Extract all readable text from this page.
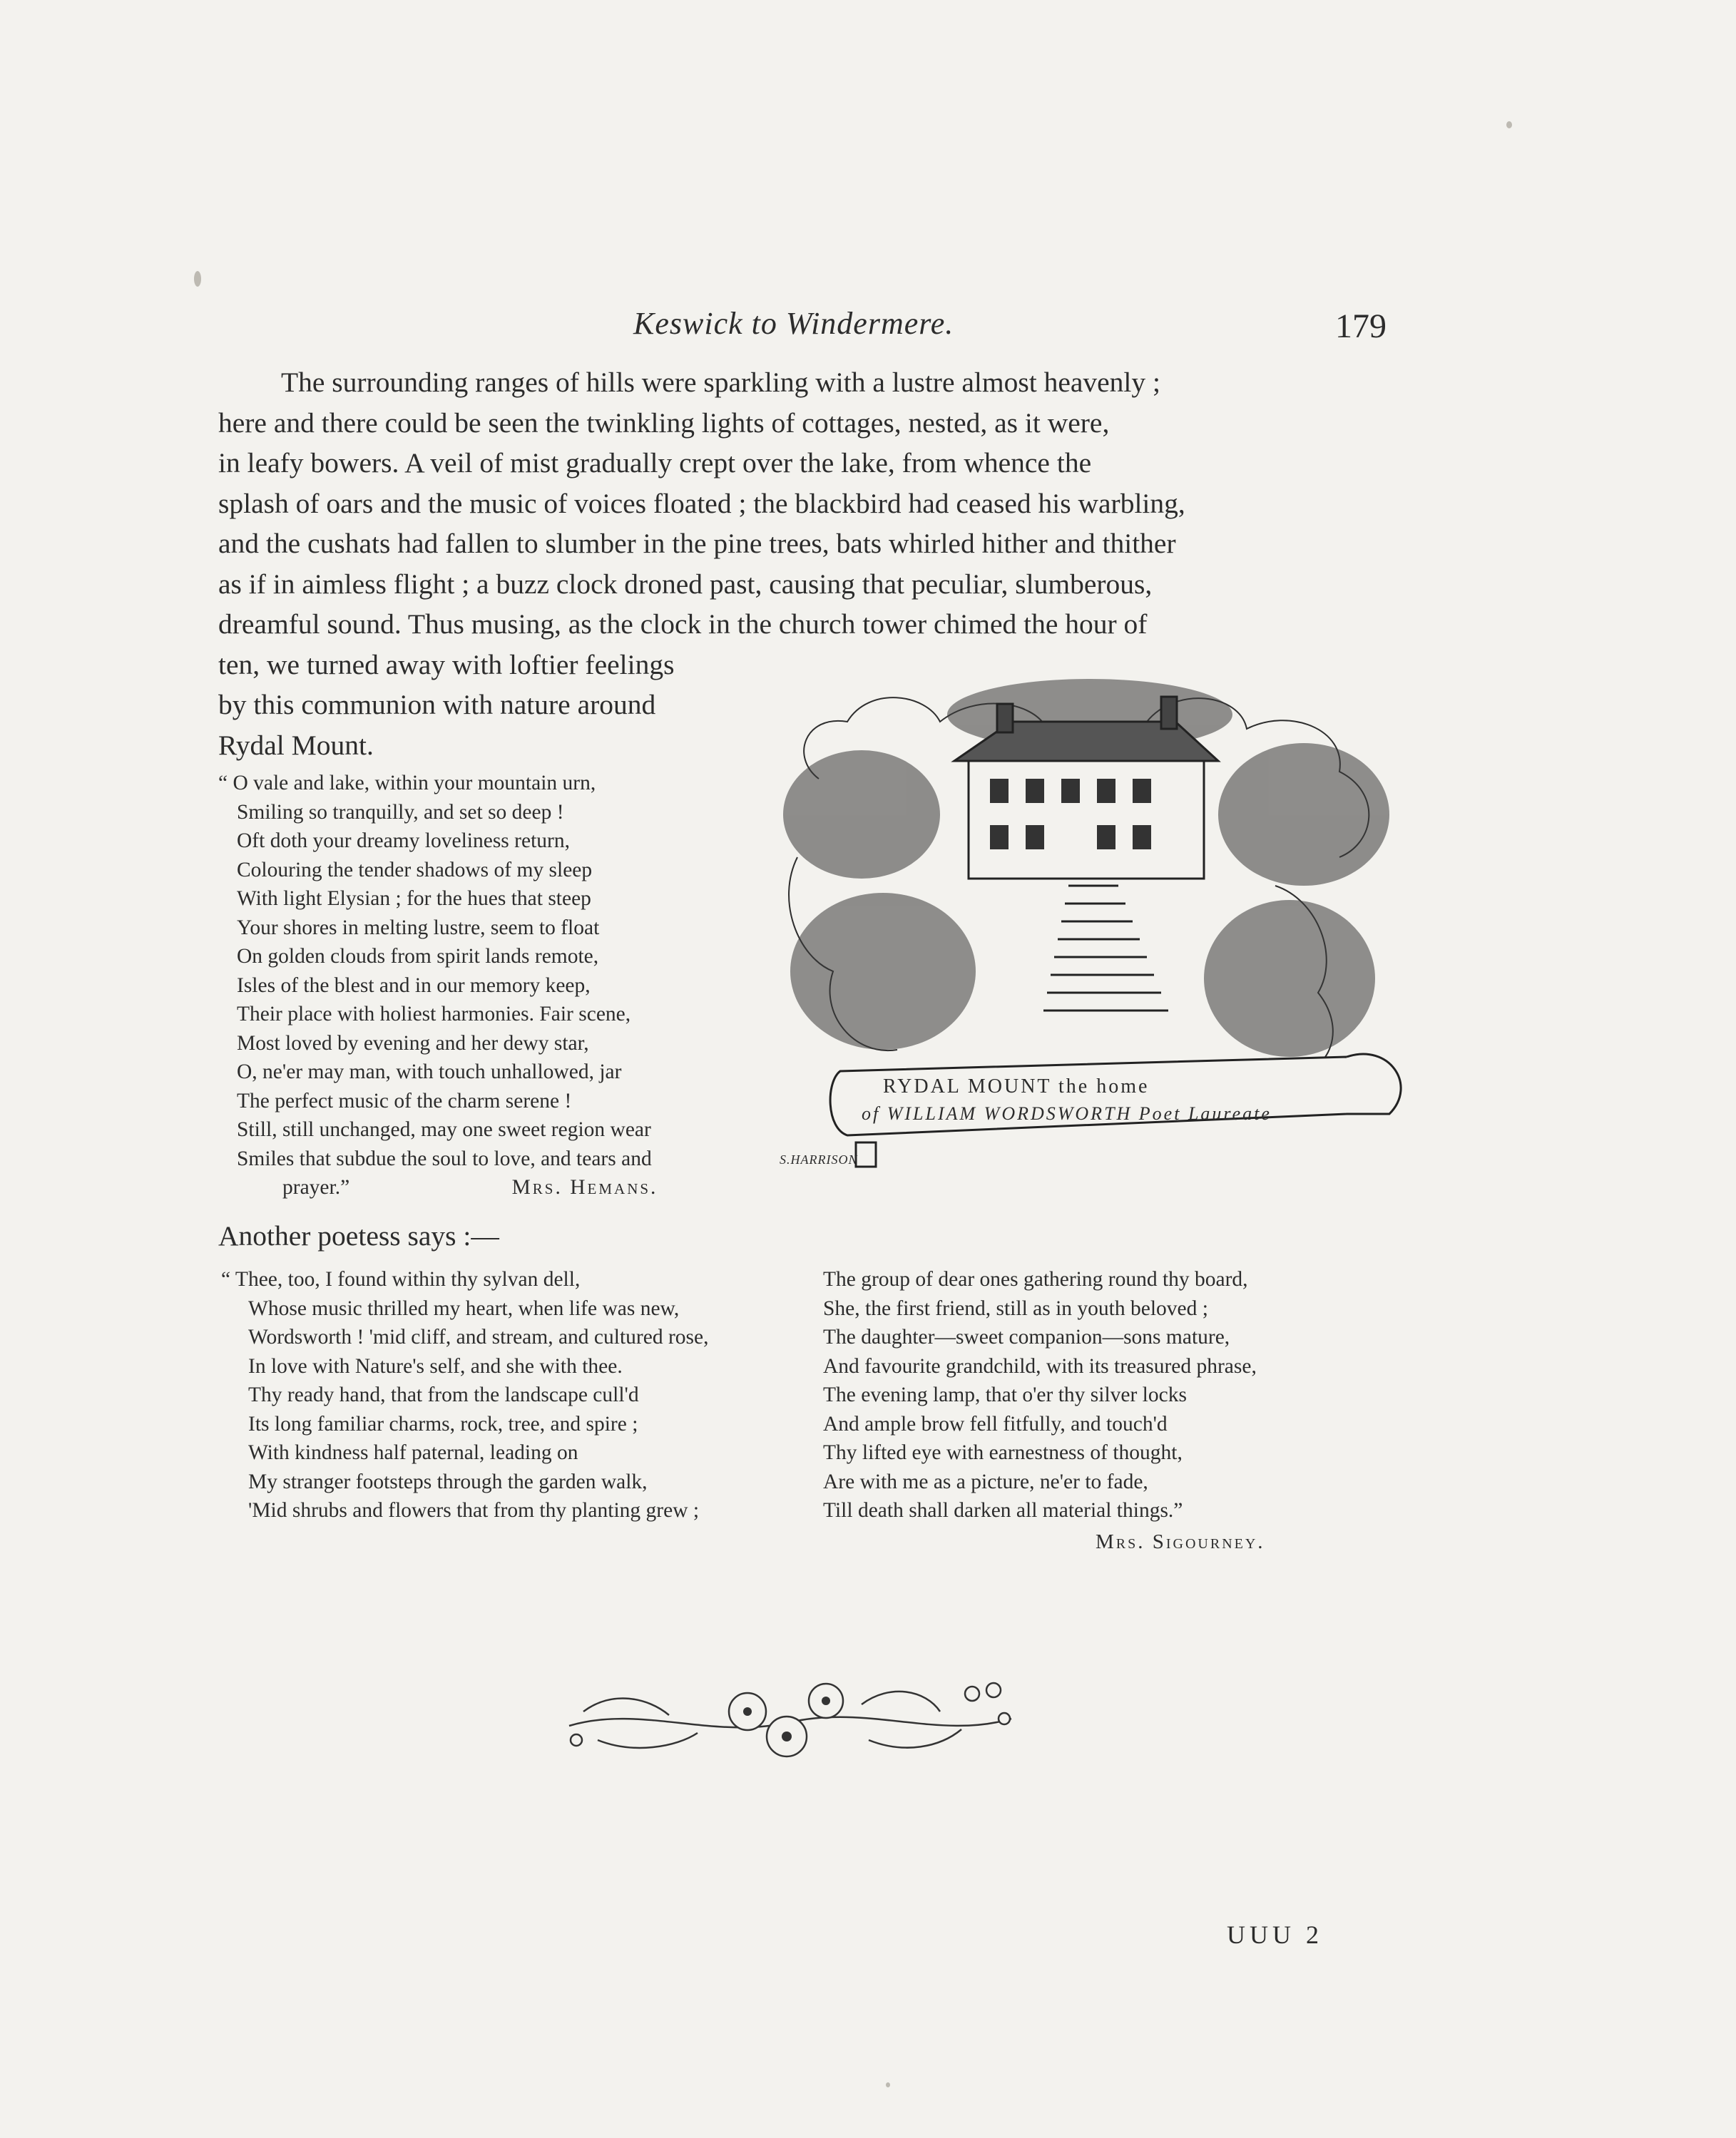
Keswick to Windermere.	179

The surrounding ranges of hills were sparkling with a lustre almost heavenly ;

here and there could be seen the twinkling lights of cottages, nested, as it were,

in leafy bowers. A veil of mist gradually crept over the lake, from whence the

splash of oars and the music of voices floated ; the blackbird had ceased his warbling,

and the cushats had fallen to slumber in the pine trees, bats whirled hither and thither

as if in aimless flight ; a buzz clock droned past, causing that peculiar, slumberous,

dreamful sound. Thus musing, as the clock in the church tower chimed the hour of

ten, we turned away with loftier feelings

by this communion with nature around

Rydal Mount.

“ O vale and lake, within your mountain urn,
Smiling so tranquilly, and set so deep !
Oft doth your dreamy loveliness return,
Colouring the tender shadows of my sleep
With light Elysian ; for the hues that steep
Your shores in melting lustre, seem to float
On golden clouds from spirit lands remote,
Isles of the blest and in our memory keep,
Their place with holiest harmonies. Fair scene,
Most loved by evening and her dewy star,
O, ne'er may man, with touch unhallowed, jar
The perfect music of the charm serene !
Still, still unchanged, may one sweet region wear
Smiles that subdue the soul to love, and tears and
prayer.”	Mrs. Hemans.
RYDAL MOUNT the home
of WILLIAM WORDSWORTH Poet Laureate
S.HARRISON
Another poetess says :—
“ Thee, too, I found within thy sylvan dell,
Whose music thrilled my heart, when life was new,
Wordsworth ! 'mid cliff, and stream, and cultured rose,
In love with Nature's self, and she with thee.
Thy ready hand, that from the landscape cull'd
Its long familiar charms, rock, tree, and spire ;
With kindness half paternal, leading on
My stranger footsteps through the garden walk,
'Mid shrubs and flowers that from thy planting grew ;
The group of dear ones gathering round thy board,
She, the first friend, still as in youth beloved ;
The daughter—sweet companion—sons mature,
And favourite grandchild, with its treasured phrase,
The evening lamp, that o'er thy silver locks
And ample brow fell fitfully, and touch'd
Thy lifted eye with earnestness of thought,
Are with me as a picture, ne'er to fade,
Till death shall darken all material things.”
Mrs. Sigourney.
UUU 2
